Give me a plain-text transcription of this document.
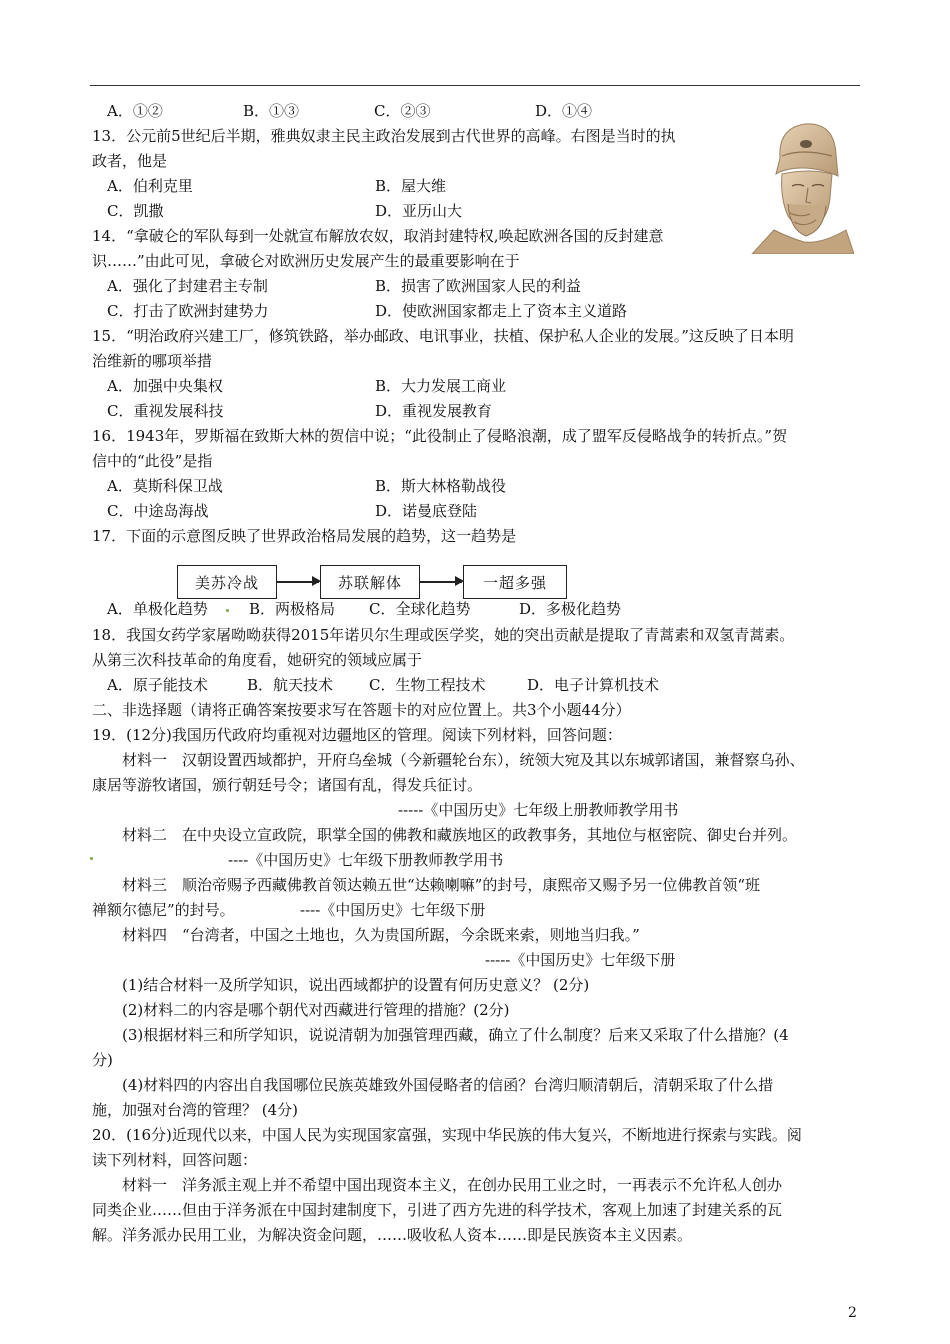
A．①②	B．①③	C．②③	D．①④
13．公元前5世纪后半期，雅典奴隶主民主政治发展到古代世界的高峰。右图是当时的执
政者，他是
A．伯利克里	B．屋大维
C．凯撒	D．亚历山大
14．“拿破仑的军队每到一处就宣布解放农奴，取消封建特权,唤起欧洲各国的反封建意
识……”由此可见，拿破仑对欧洲历史发展产生的最重要影响在于
A．强化了封建君主专制	B．损害了欧洲国家人民的利益
C．打击了欧洲封建势力	D．使欧洲国家都走上了资本主义道路
15．“明治政府兴建工厂，修筑铁路，举办邮政、电讯事业，扶植、保护私人企业的发展。”这反映了日本明
治维新的哪项举措
A．加强中央集权	B．大力发展工商业
C．重视发展科技	D．重视发展教育
16．1943年，罗斯福在致斯大林的贺信中说；“此役制止了侵略浪潮，成了盟军反侵略战争的转折点。”贺
信中的“此役”是指
A．莫斯科保卫战	B．斯大林格勒战役
C．中途岛海战	D．诺曼底登陆
17．下面的示意图反映了世界政治格局发展的趋势，这一趋势是
美苏冷战	苏联解体	一超多强
A．单极化趋势	B．两极格局 C．全球化趋势	D．多极化趋势
18．我国女药学家屠呦呦获得2015年诺贝尔生理或医学奖，她的突出贡献是提取了青蒿素和双氢青蒿素。
从第三次科技革命的角度看，她研究的领域应属于
A．原子能技术	B．航天技术 C．生物工程技术	D．电子计算机技术
二、非选择题（请将正确答案按要求写在答题卡的对应位置上。共3个小题44分）
19．(12分)我国历代政府均重视对边疆地区的管理。阅读下列材料，回答问题：
材料一　汉朝设置西域都护，开府乌垒城（今新疆轮台东），统领大宛及其以东城郭诸国，兼督察乌孙、
康居等游牧诸国，颁行朝廷号令；诸国有乱，得发兵征讨。
-----《中国历史》七年级上册教师教学用书
材料二　在中央设立宣政院，职掌全国的佛教和藏族地区的政教事务，其地位与枢密院、御史台并列。
----《中国历史》七年级下册教师教学用书
材料三　顺治帝赐予西藏佛教首领达赖五世“达赖喇嘛”的封号，康熙帝又赐予另一位佛教首领“班
禅额尔德尼”的封号。	----《中国历史》七年级下册
材料四　“台湾者，中国之土地也，久为贵国所踞，今余既来索，则地当归我。”
-----《中国历史》七年级下册
(1)结合材料一及所学知识，说出西域都护的设置有何历史意义？ (2分)
(2)材料二的内容是哪个朝代对西藏进行管理的措施？(2分)
(3)根据材料三和所学知识，说说清朝为加强管理西藏，确立了什么制度？后来又采取了什么措施？(4
分)
(4)材料四的内容出自我国哪位民族英雄致外国侵略者的信函？台湾归顺清朝后，清朝采取了什么措
施，加强对台湾的管理？ (4分)
20．(16分)近现代以来，中国人民为实现国家富强，实现中华民族的伟大复兴，不断地进行探索与实践。阅
读下列材料，回答问题：
材料一　洋务派主观上并不希望中国出现资本主义，在创办民用工业之时，一再表示不允许私人创办
同类企业……但由于洋务派在中国封建制度下，引进了西方先进的科学技术，客观上加速了封建关系的瓦
解。洋务派办民用工业，为解决资金问题，……吸收私人资本……即是民族资本主义因素。
2
